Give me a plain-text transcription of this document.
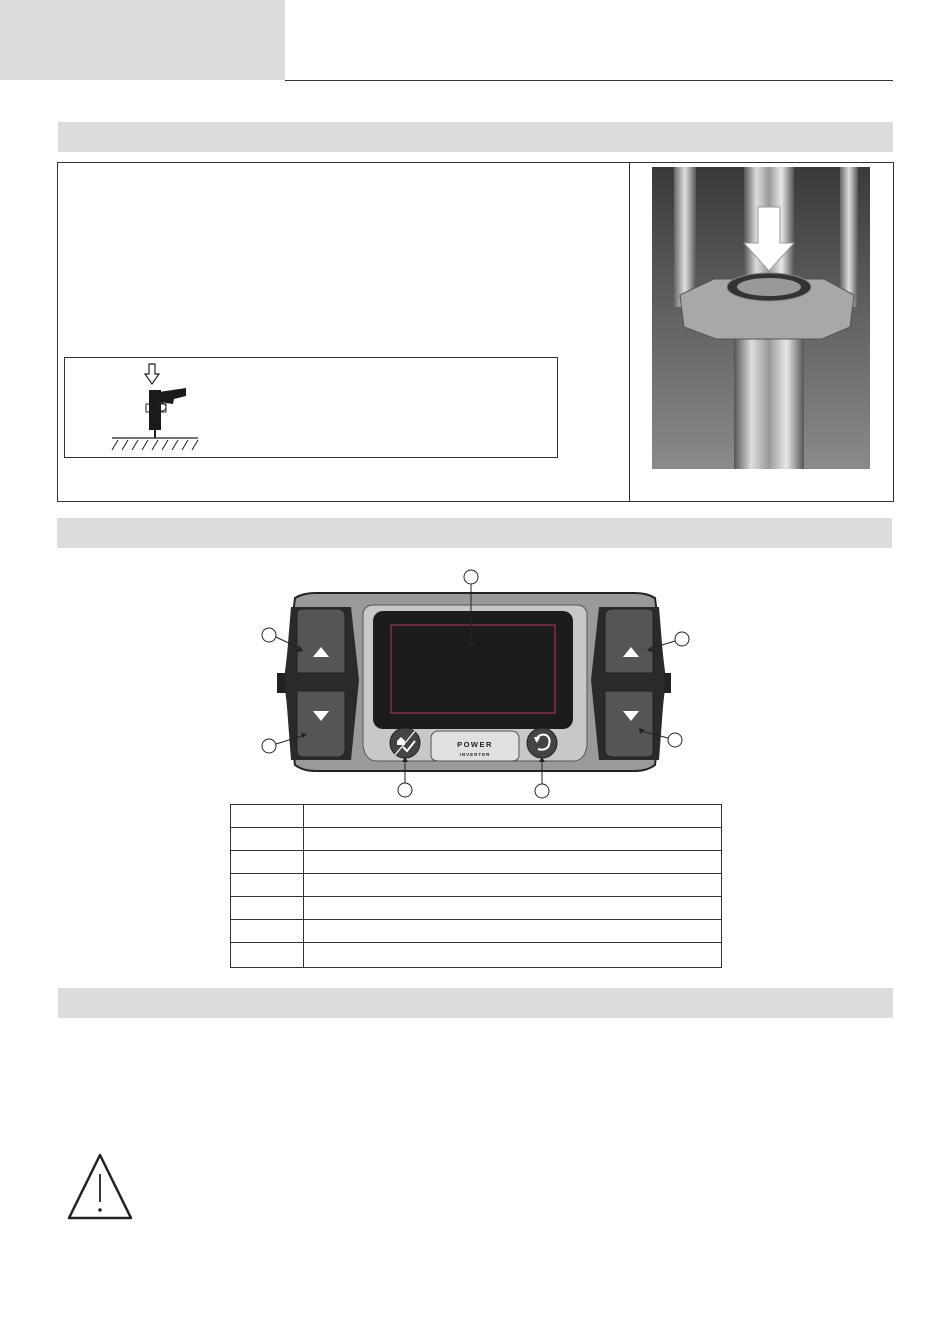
POWER
INVERTER
